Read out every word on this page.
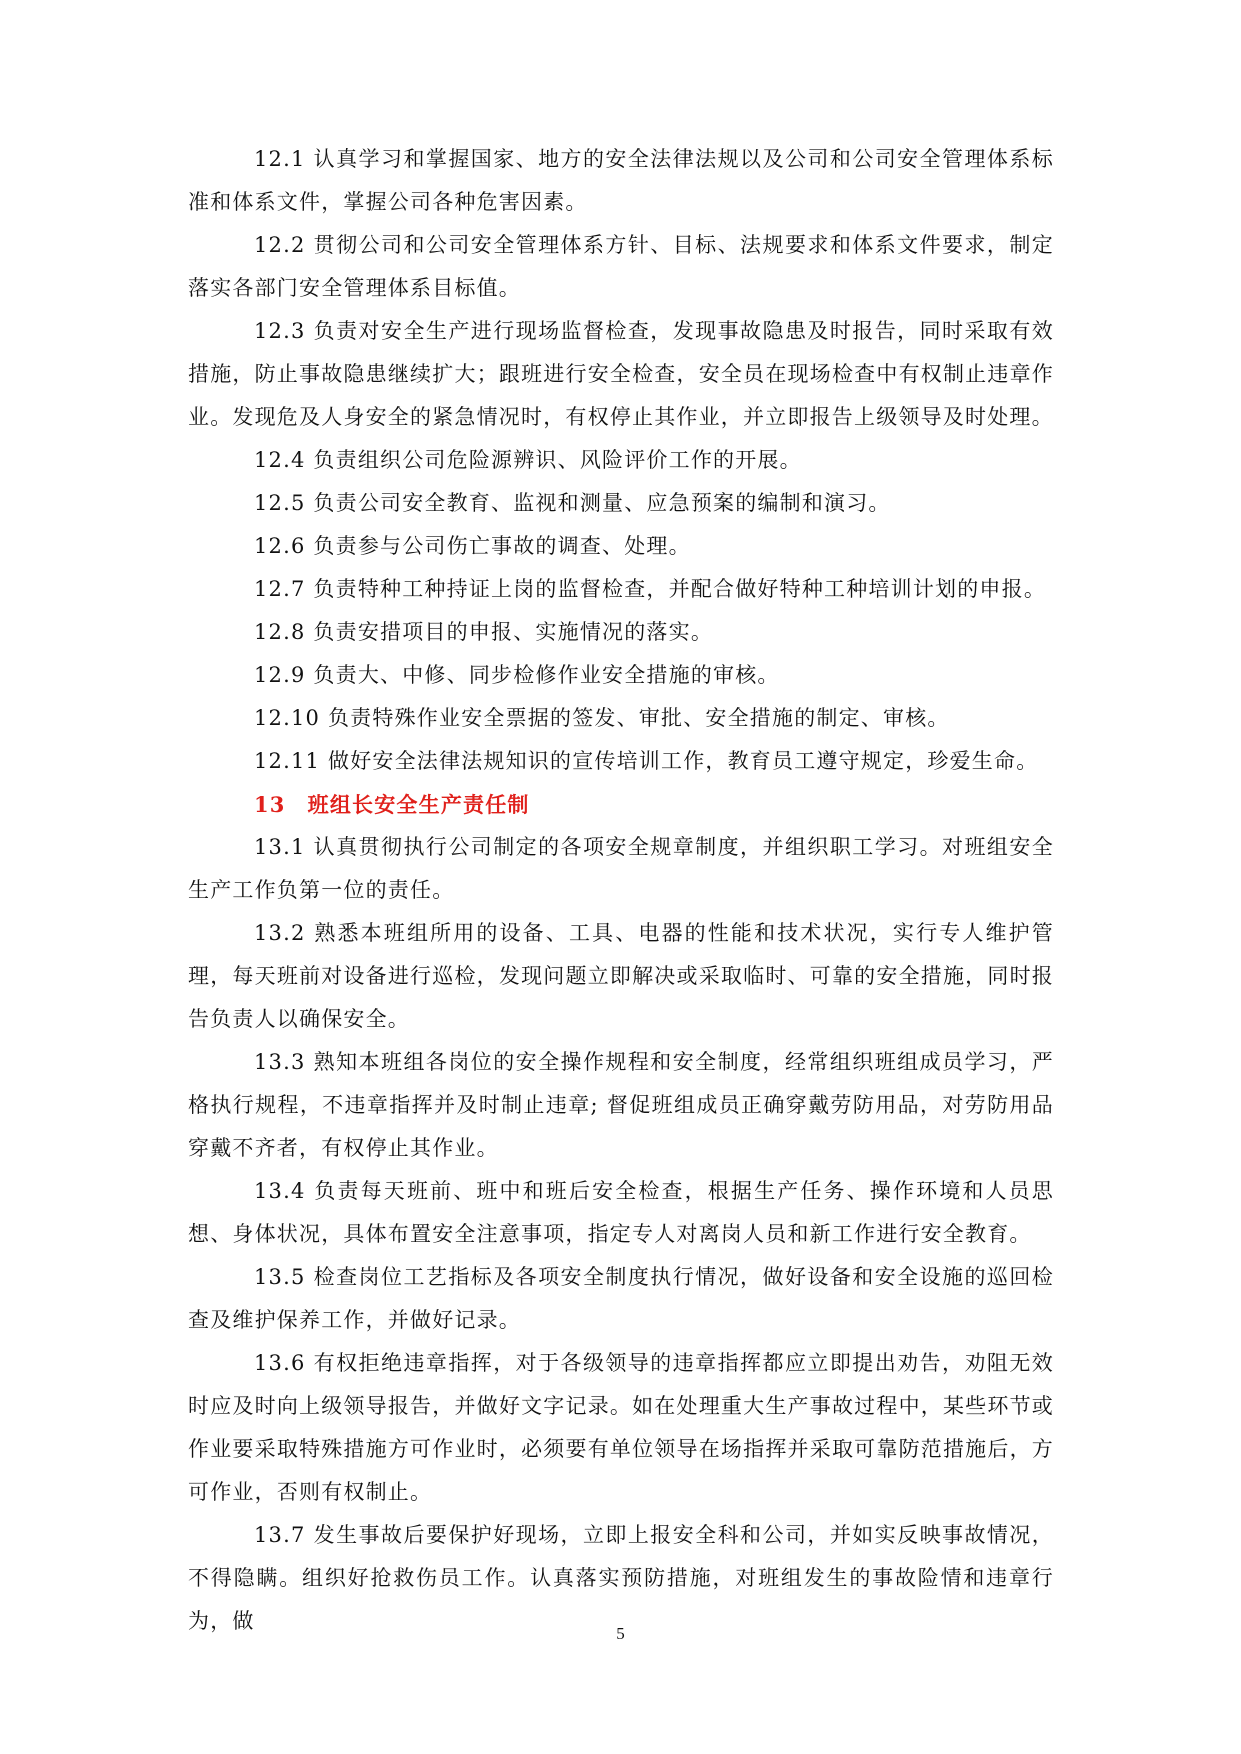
12.1 认真学习和掌握国家、地方的安全法律法规以及公司和公司安全管理体系标准和体系文件，掌握公司各种危害因素。

12.2 贯彻公司和公司安全管理体系方针、目标、法规要求和体系文件要求，制定落实各部门安全管理体系目标值。

12.3 负责对安全生产进行现场监督检查，发现事故隐患及时报告，同时采取有效措施，防止事故隐患继续扩大；跟班进行安全检查，安全员在现场检查中有权制止违章作业。发现危及人身安全的紧急情况时，有权停止其作业，并立即报告上级领导及时处理。

12.4 负责组织公司危险源辨识、风险评价工作的开展。

12.5 负责公司安全教育、监视和测量、应急预案的编制和演习。

12.6 负责参与公司伤亡事故的调查、处理。

12.7 负责特种工种持证上岗的监督检查，并配合做好特种工种培训计划的申报。

12.8 负责安措项目的申报、实施情况的落实。

12.9 负责大、中修、同步检修作业安全措施的审核。

12.10 负责特殊作业安全票据的签发、审批、安全措施的制定、审核。

12.11 做好安全法律法规知识的宣传培训工作，教育员工遵守规定，珍爱生命。

13 班组长安全生产责任制

13.1 认真贯彻执行公司制定的各项安全规章制度，并组织职工学习。对班组安全生产工作负第一位的责任。

13.2 熟悉本班组所用的设备、工具、电器的性能和技术状况，实行专人维护管理，每天班前对设备进行巡检，发现问题立即解决或采取临时、可靠的安全措施，同时报告负责人以确保安全。

13.3 熟知本班组各岗位的安全操作规程和安全制度，经常组织班组成员学习，严格执行规程，不违章指挥并及时制止违章; 督促班组成员正确穿戴劳防用品，对劳防用品穿戴不齐者，有权停止其作业。

13.4 负责每天班前、班中和班后安全检查，根据生产任务、操作环境和人员思想、身体状况，具体布置安全注意事项，指定专人对离岗人员和新工作进行安全教育。

13.5 检查岗位工艺指标及各项安全制度执行情况，做好设备和安全设施的巡回检查及维护保养工作，并做好记录。

13.6 有权拒绝违章指挥，对于各级领导的违章指挥都应立即提出劝告，劝阻无效时应及时向上级领导报告，并做好文字记录。如在处理重大生产事故过程中，某些环节或作业要采取特殊措施方可作业时，必须要有单位领导在场指挥并采取可靠防范措施后，方可作业，否则有权制止。

13.7 发生事故后要保护好现场，立即上报安全科和公司，并如实反映事故情况，不得隐瞒。组织好抢救伤员工作。认真落实预防措施，对班组发生的事故险情和违章行为，做

5
